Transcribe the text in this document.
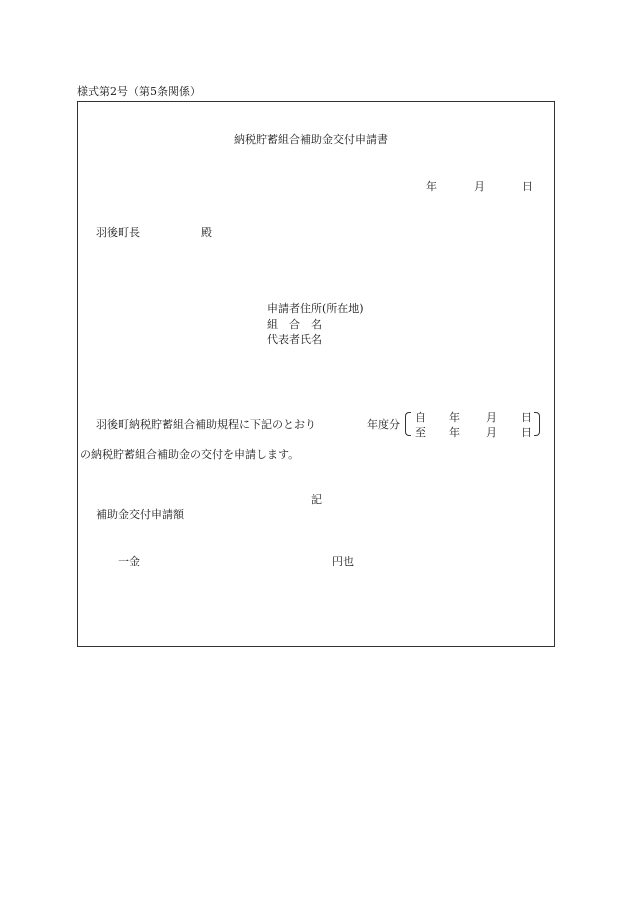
様式第2号（第5条関係）
納税貯蓄組合補助金交付申請書
年	月	日
羽後町長	殿
申請者住所(所在地)
組　合　名
代表者氏名
羽後町納税貯蓄組合補助規程に下記のとおり	年度分
自 年 月 日
至 年 月 日
の納税貯蓄組合補助金の交付を申請します。
記
補助金交付申請額
一金	円也
